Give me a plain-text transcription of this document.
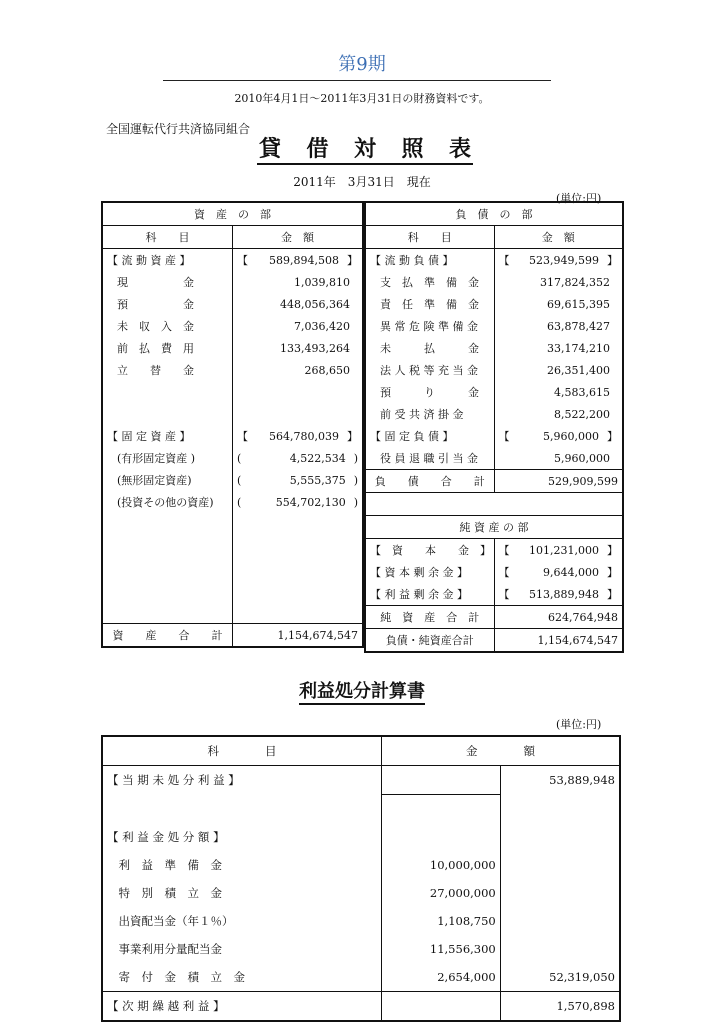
第9期
2010年4月1日～2011年3月31日の財務資料です。
全国運転代行共済協同組合
貸 借 対 照 表
2011年　3月31日　現在
(単位:円)
資　産　の　部	
科　　目	金　額
【 流 動 資 産 】	【 589,894,508 】

現　　　　　金	1,039,810

預　　　　　金	448,056,364

未　収　入　金	7,036,420

前　払　費　用	133,493,264

立　　替　　金	268,650

【 固 定 資 産 】	【 564,780,039 】

(有形固定資産 )	( 4,522,534 )

(無形固定資産)	( 5,555,375 )

(投資その他の資産)	( 554,702,130 )

資　　産　　合　　計	1,154,674,547
負　債　の　部	
科　　目	金　額
【 流 動 負 債 】	【 523,949,599 】

支　払　準　備　金	317,824,352

責　任　準　備　金	69,615,395

異 常 危 険 準 備 金	63,878,427

未　　　払　　　金	33,174,210

法 人 税 等 充 当 金	26,351,400

預　　　り　　　金	4,583,615

前 受 共 済 掛 金	8,522,200

【 固 定 負 債 】	【 5,960,000 】

役 員 退 職 引 当 金	5,960,000

負　　債　　合　　計	529,909,599

純 資 産 の 部	
【　資　　本　　金　】	【 101,231,000 】

【 資 本 剰 余 金 】	【 9,644,000 】

【 利 益 剰 余 金 】	【 513,889,948 】

純　資　産　合　計	624,764,948
負債・純資産合計	1,154,674,547
利益処分計算書
(単位:円)
科　　　　目	金　　　　額	
【 当 期 未 処 分 利 益 】		53,889,948

【 利 益 金 処 分 額 】		
　利　益　準　備　金	10,000,000	
　特　別　積　立　金	27,000,000	
　出資配当金（年１％）	1,108,750	
　事業利用分量配当金	11,556,300	
　寄　付　金　積　立　金	2,654,000	52,319,050
【 次 期 繰 越 利 益 】		1,570,898
